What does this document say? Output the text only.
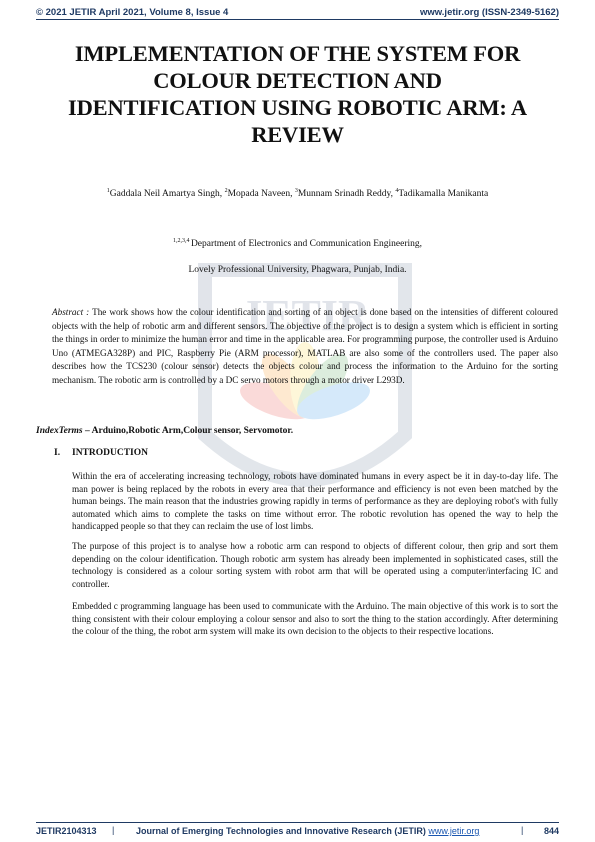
© 2021 JETIR April 2021, Volume 8, Issue 4	www.jetir.org (ISSN-2349-5162)
JETIR
IMPLEMENTATION OF THE SYSTEM FOR
COLOUR DETECTION AND
IDENTIFICATION USING ROBOTIC ARM: A
REVIEW
$^1$Gaddala Neil Amartya Singh, $^2$Mopada Naveen, $^3$Munnam Srinadh Reddy, $^4$Tadikamalla Manikanta
$^{1,2,3,4}$ Department of Electronics and Communication Engineering,
Lovely Professional University, Phagwara, Punjab, India.
Abstract : The work shows how the colour identification and sorting of an object is done based on the intensities of different coloured objects with the help of robotic arm and different sensors. The objective of the project is to design a system which is efficient in sorting the things in order to minimize the human error and time in the applicable area. For programming purpose, the controller used is Arduino Uno (ATMEGA328P) and PIC, Raspberry Pie (ARM processor), MATLAB are also some of the controllers used. The paper also describes how the TCS230 (colour sensor) detects the objects colour and process the information to the Arduino for the sorting mechanism. The robotic arm is controlled by a DC servo motors through a motor driver L293D.
IndexTerms – Arduino,Robotic Arm,Colour sensor, Servomotor.
I. INTRODUCTION
Within the era of accelerating increasing technology, robots have dominated humans in every aspect be it in day-to-day life. The man power is being replaced by the robots in every area that their performance and efficiency is not even been matched by the human beings. The main reason that the industries growing rapidly in terms of performance as they are deploying robot's with fully automated which aims to complete the tasks on time without error. The robotic revolution has opened the way to help the handicapped people so that they can reclaim the use of lost limbs.
The purpose of this project is to analyse how a robotic arm can respond to objects of different colour, then grip and sort them depending on the colour identification. Though robotic arm system has already been implemented in sophisticated cases, still the technology is considered as a colour sorting system with robot arm that will be operated using a computer/interfacing IC and controller.
Embedded c programming language has been used to communicate with the Arduino. The main objective of this work is to sort the thing consistent with their colour employing a colour sensor and also to sort the thing to the station accordingly. After determining the colour of the thing, the robot arm system will make its own decision to the objects to their respective locations.
JETIR2104313 | Journal of Emerging Technologies and Innovative Research (JETIR) www.jetir.org	| 844
